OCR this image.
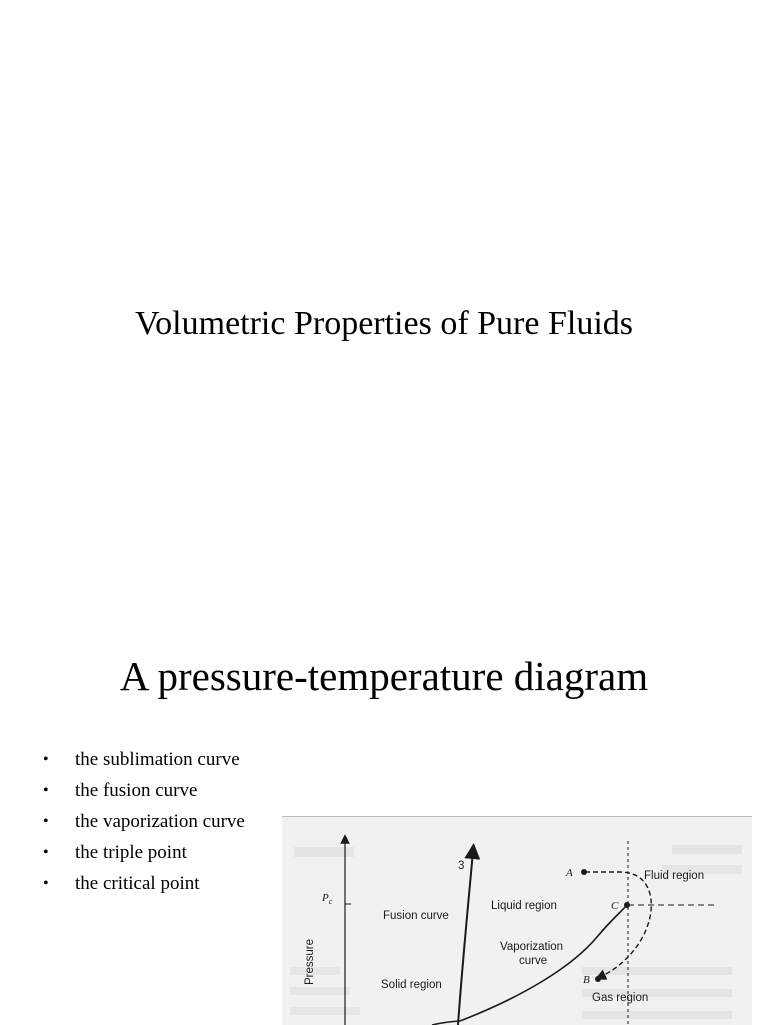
Volumetric Properties of Pure Fluids
A pressure-temperature diagram
• the sublimation curve
• the fusion curve
• the vaporization curve
• the triple point
• the critical point
$P_c$
Pressure
3
A
C
B
Fluid region
Liquid region
Fusion curve
Vaporization
curve
Solid region
Gas region
